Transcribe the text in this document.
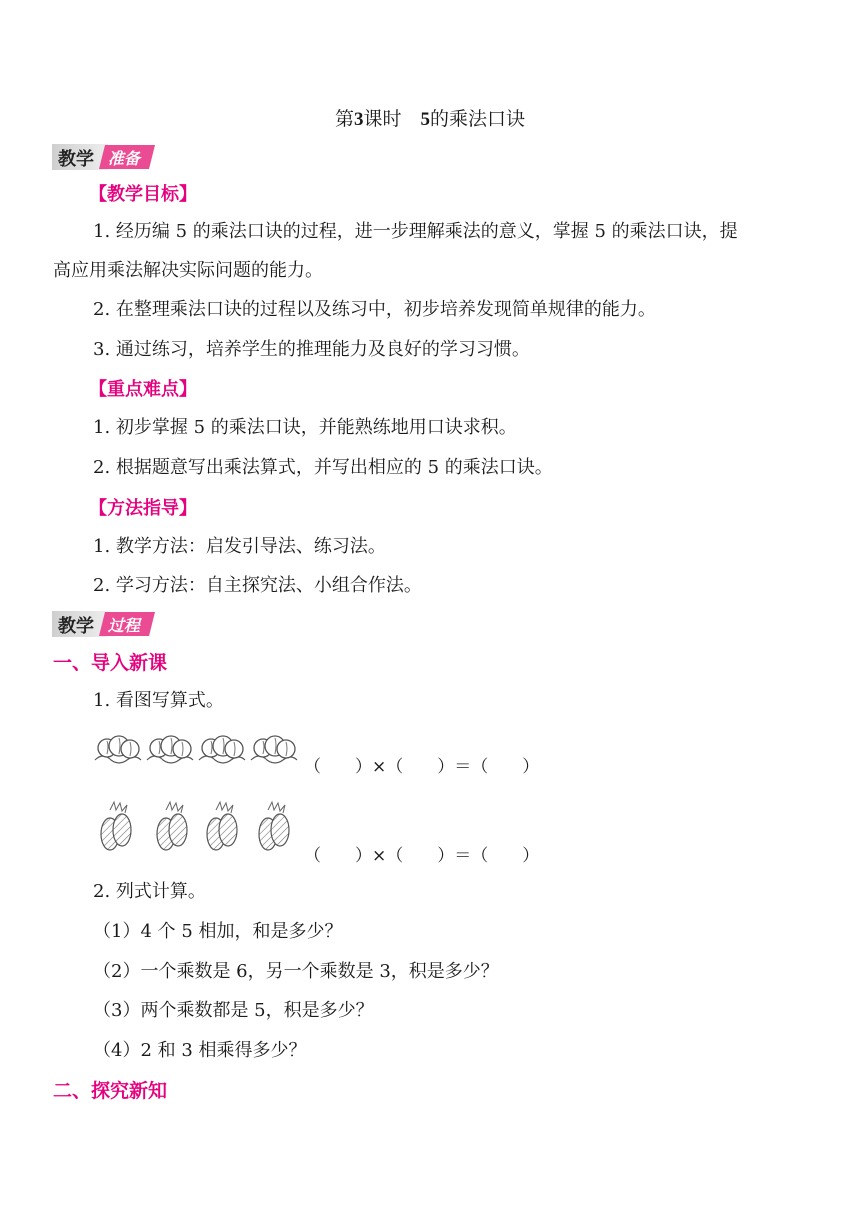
第3课时　 5的乘法口诀
教学 准备
【教学目标】
1. 经历编 5 的乘法口诀的过程，进一步理解乘法的意义，掌握 5 的乘法口诀，提
高应用乘法解决实际问题的能力。
2. 在整理乘法口诀的过程以及练习中，初步培养发现简单规律的能力。
3. 通过练习，培养学生的推理能力及良好的学习习惯。
【重点难点】
1. 初步掌握 5 的乘法口诀，并能熟练地用口诀求积。
2. 根据题意写出乘法算式，并写出相应的 5 的乘法口诀。
【方法指导】
1. 教学方法：启发引导法、练习法。
2. 学习方法：自主探究法、小组合作法。
教学 过程
一、导入新课
1. 看图写算式。
（　　）×（　　）＝（　　）
（　　）×（　　）＝（　　）
2. 列式计算。
（1）4 个 5 相加，和是多少？
（2）一个乘数是 6，另一个乘数是 3，积是多少？
（3）两个乘数都是 5，积是多少？
（4）2 和 3 相乘得多少？
二、探究新知
